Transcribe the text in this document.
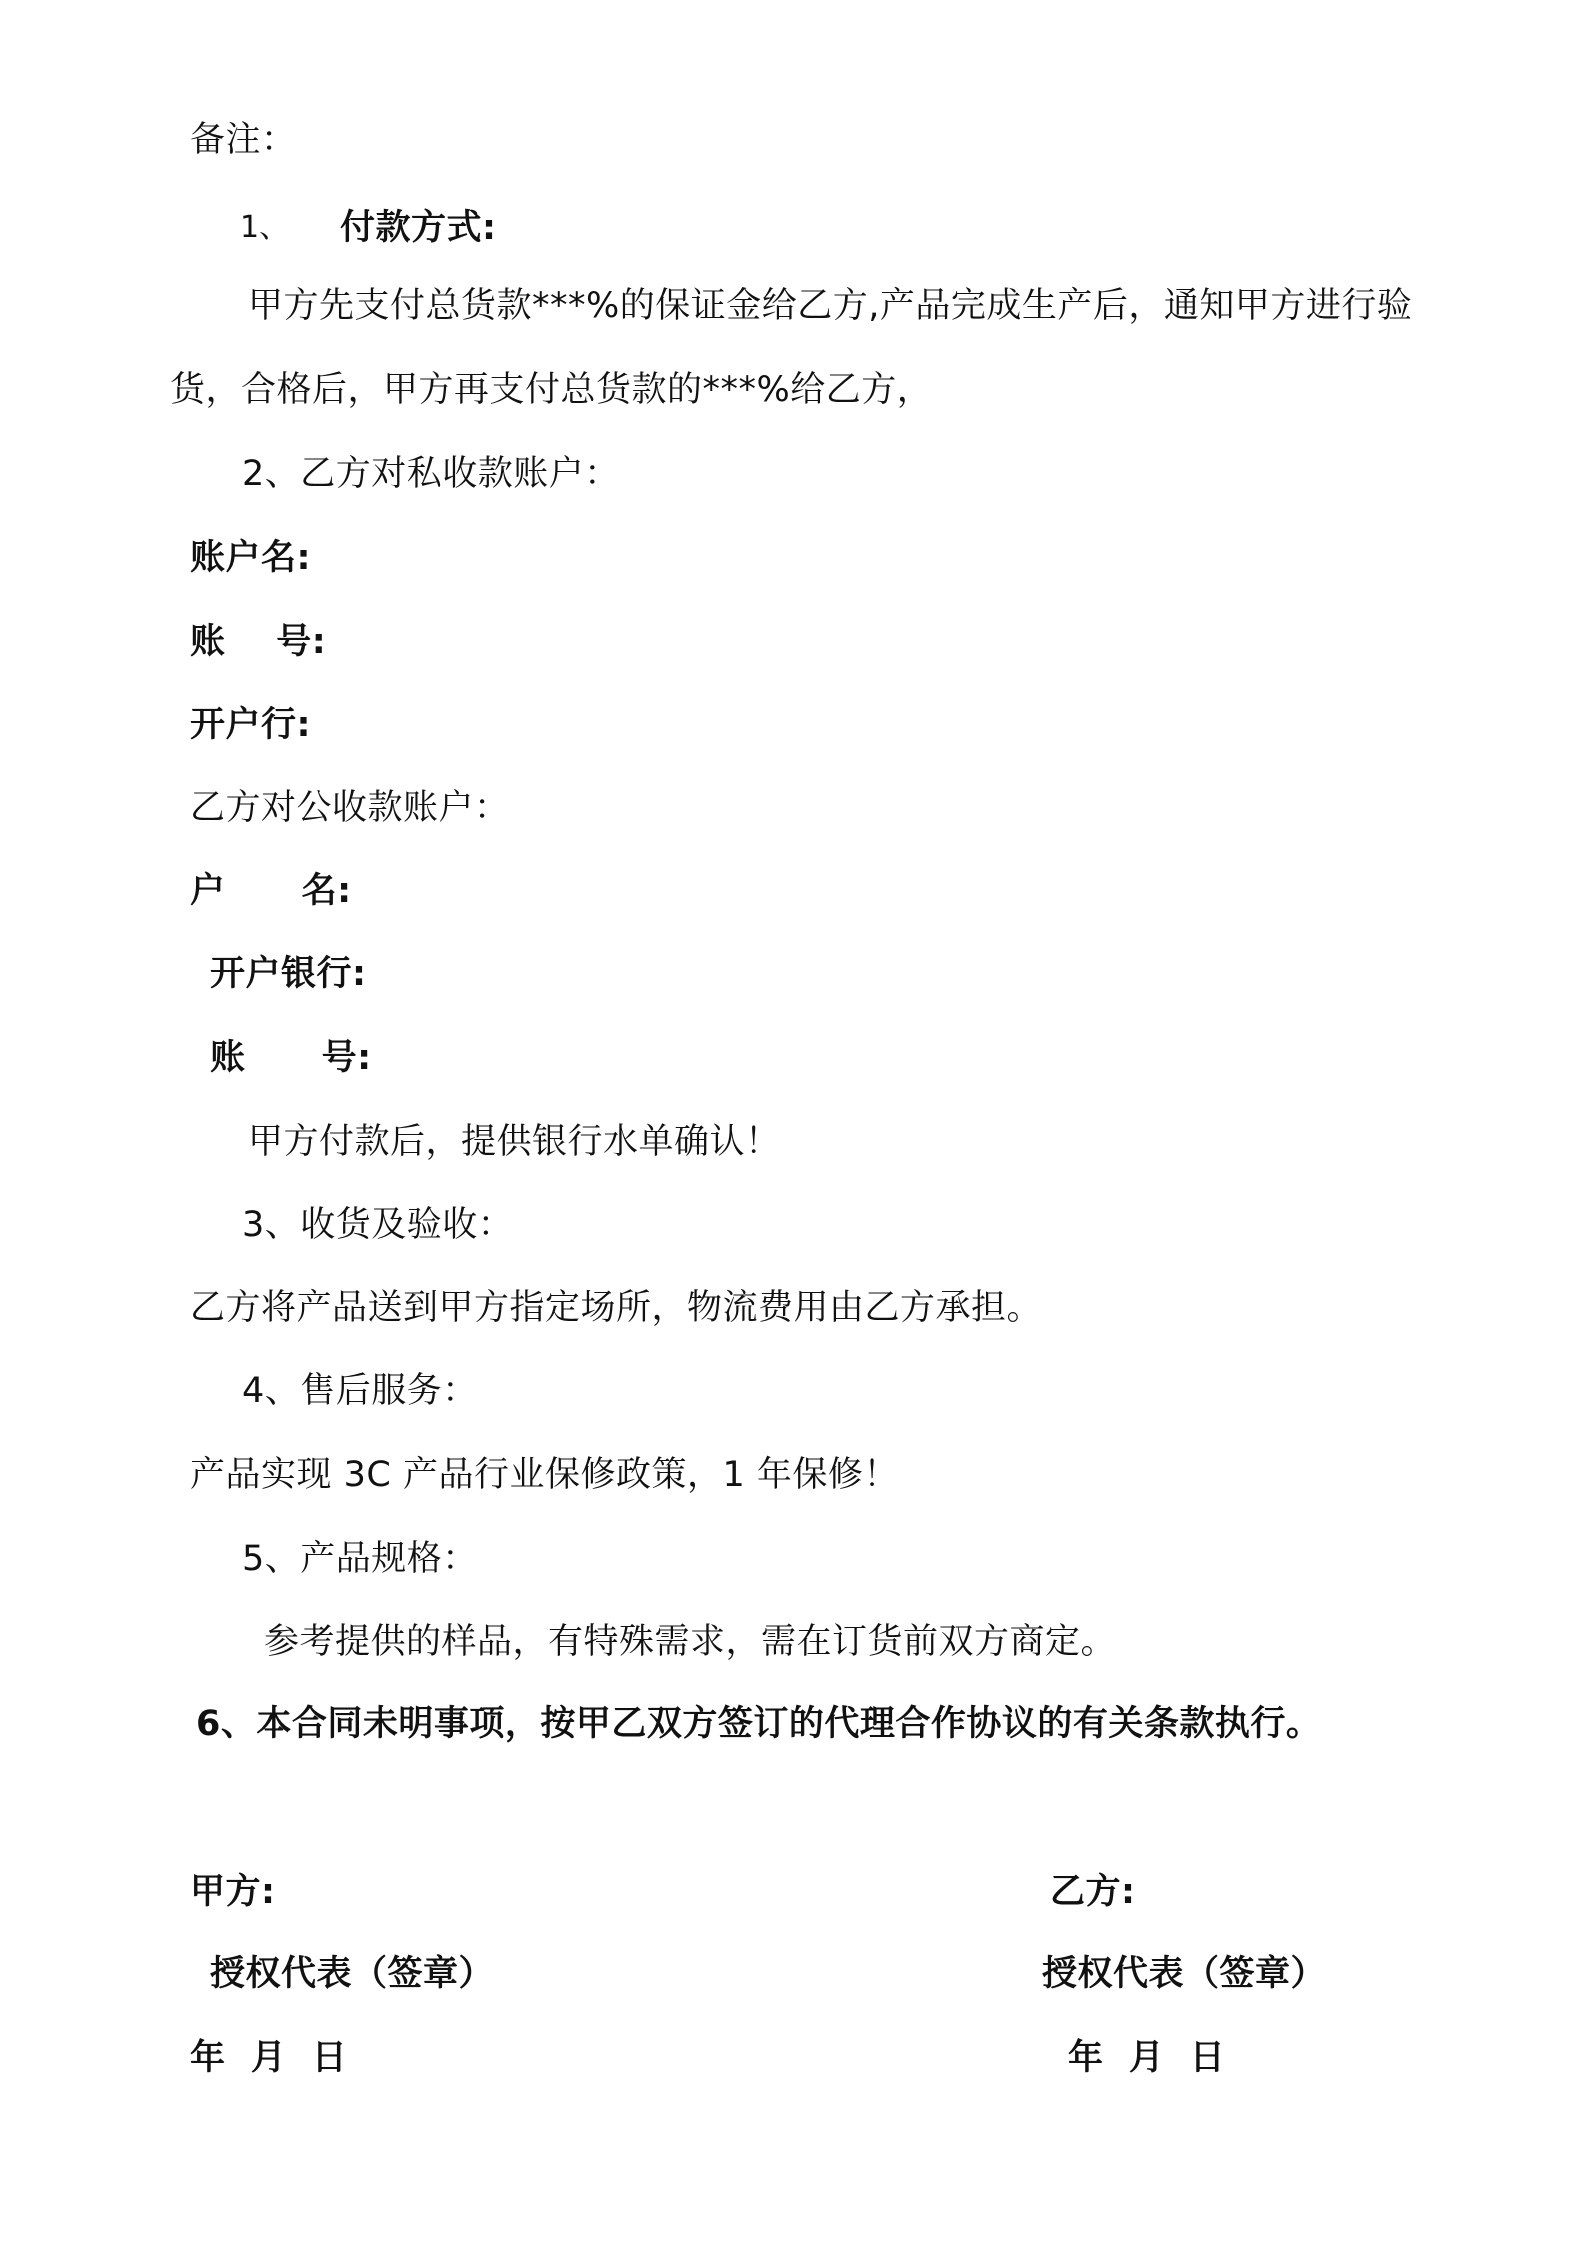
备注：
1、 付款方式:
甲方先支付总货款***%的保证金给乙方,产品完成生产后，通知甲方进行验
货，合格后，甲方再支付总货款的***%给乙方，
2、乙方对私收款账户：
账户名:
账    号:
开户行:
乙方对公收款账户：
户      名:
开户银行:
账      号:
甲方付款后，提供银行水单确认！
3、收货及验收：
乙方将产品送到甲方指定场所，物流费用由乙方承担。
4、售后服务：
产品实现 3C 产品行业保修政策，1 年保修！
5、产品规格：
参考提供的样品，有特殊需求，需在订货前双方商定。
6、本合同未明事项，按甲乙双方签订的代理合作协议的有关条款执行。
甲方:
授权代表（签章）
年  月  日
乙方:
授权代表（签章）
年  月  日
